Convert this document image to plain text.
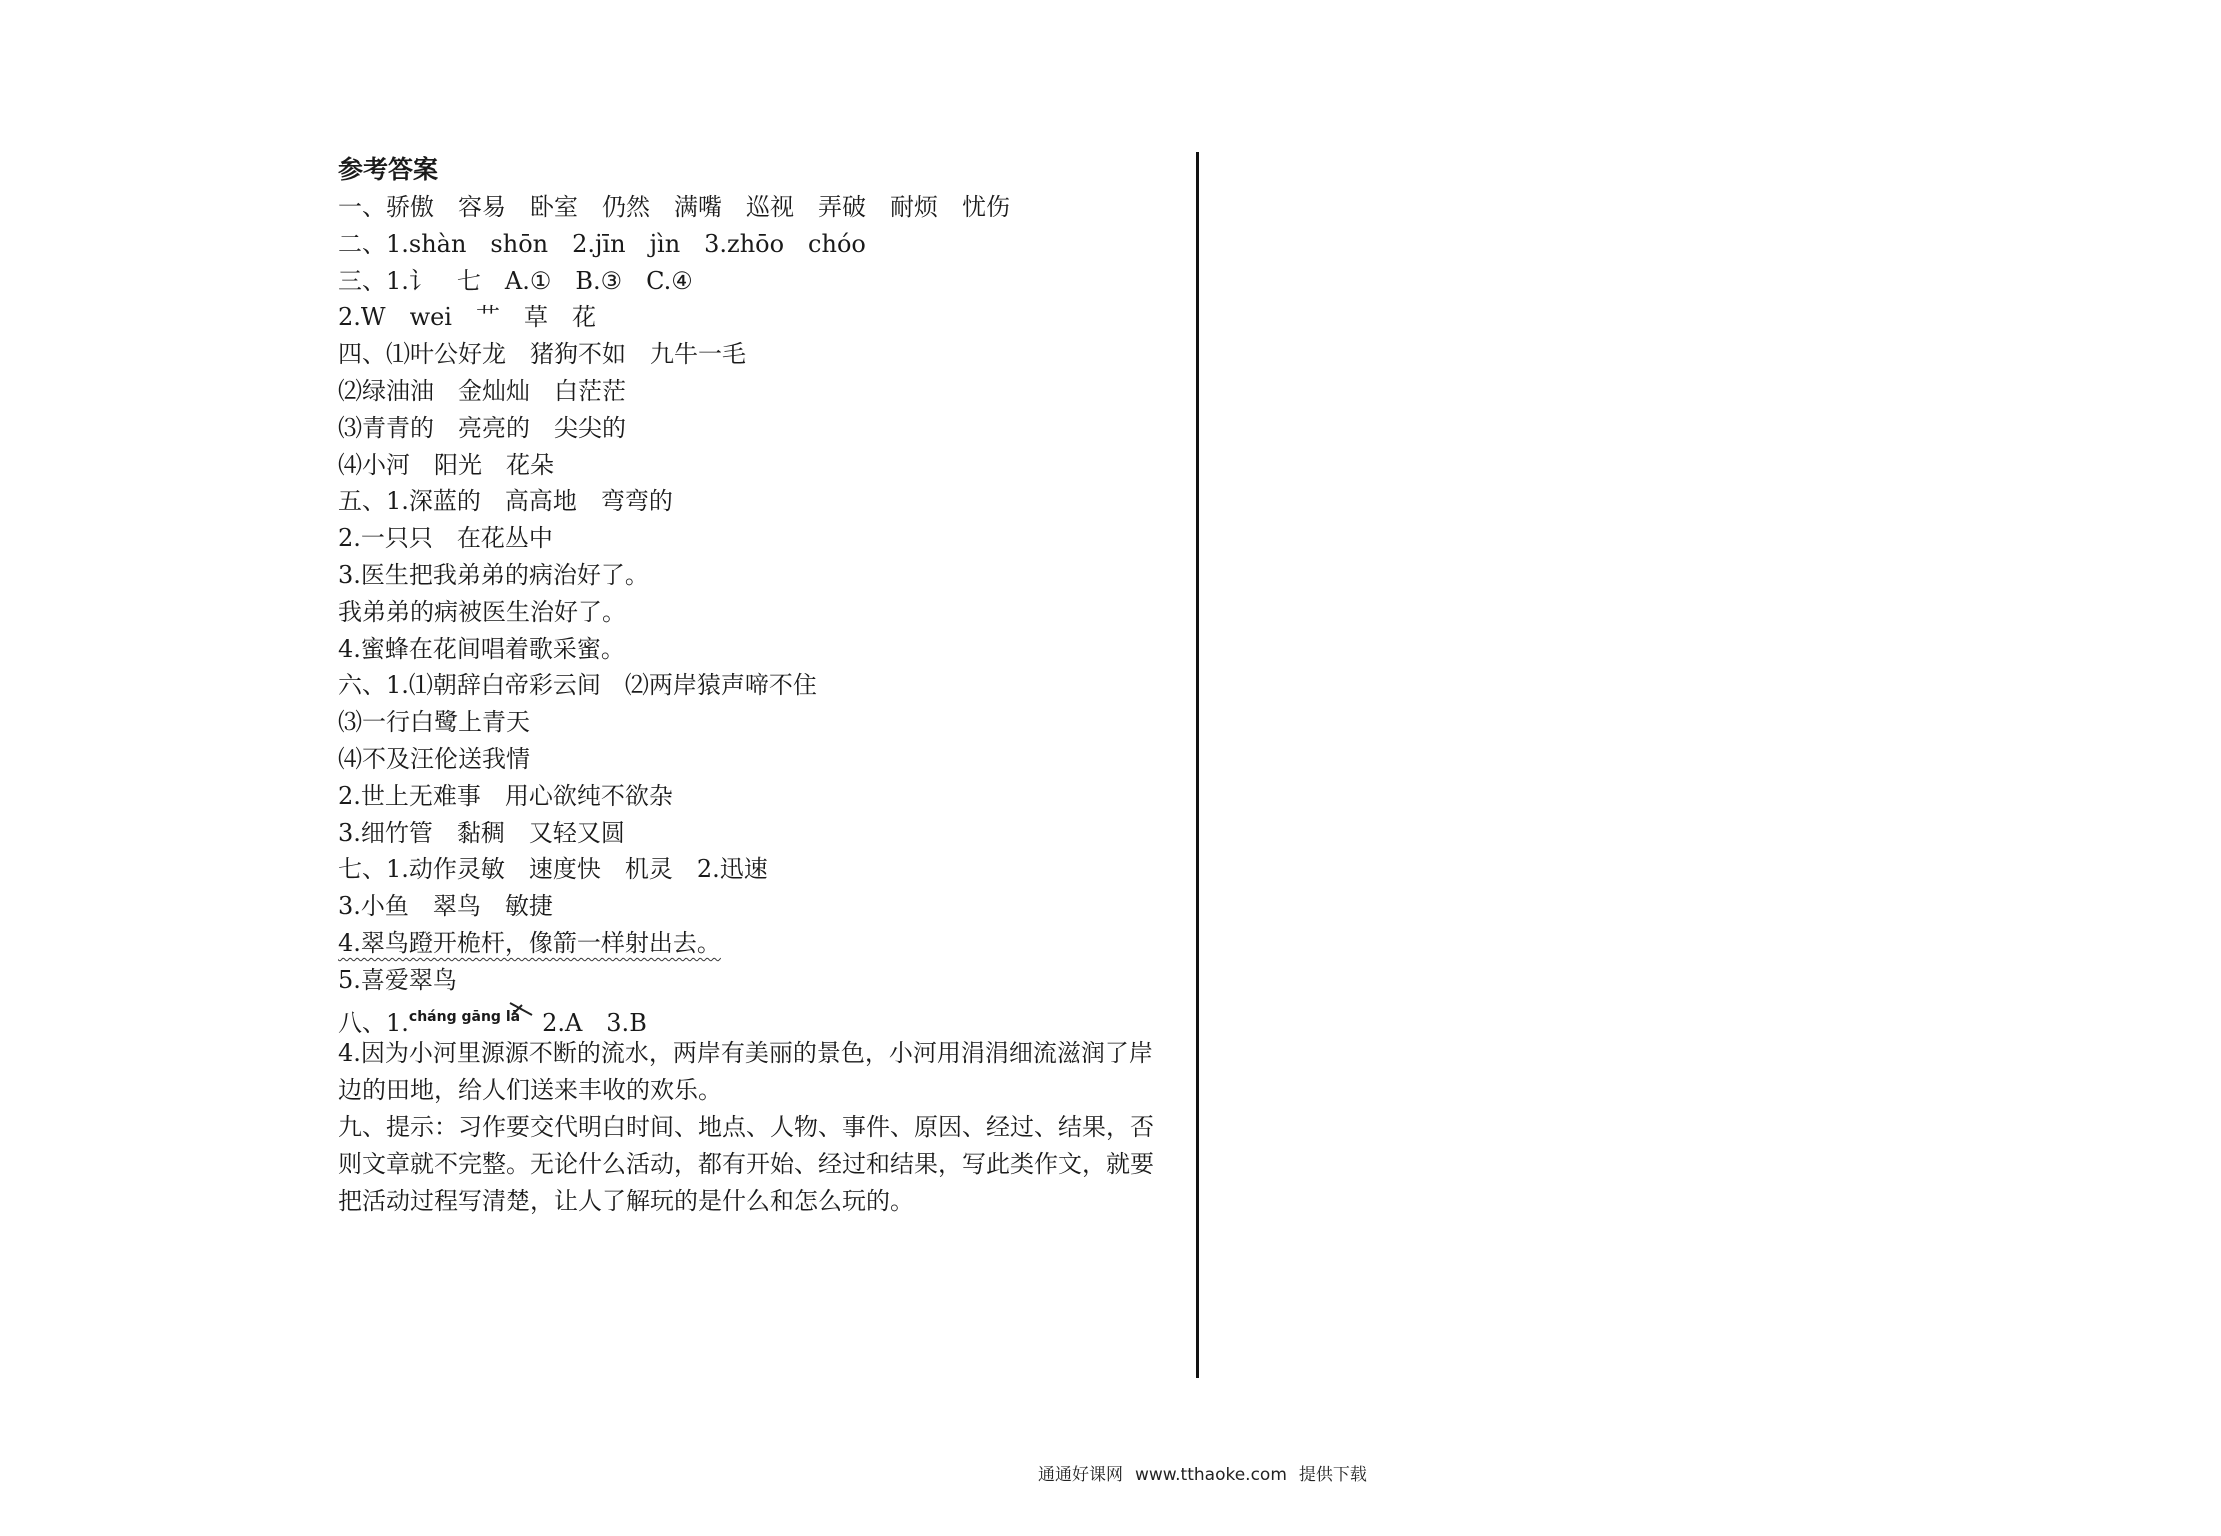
参考答案
一、骄傲　容易　卧室　仍然　满嘴　巡视　弄破　耐烦　忧伤
二、1.shàn　shōn　2.jīn　jìn　3.zhōo　chóo
三、1.讠　七　A.①　B.③　C.④
2.W　wei　艹　草　花
四、⑴叶公好龙　猪狗不如　九牛一毛
⑵绿油油　金灿灿　白茫茫
⑶青青的　亮亮的　尖尖的
⑷小河　阳光　花朵
五、1.深蓝的　高高地　弯弯的
2.一只只　在花丛中
3.医生把我弟弟的病治好了。
我弟弟的病被医生治好了。
4.蜜蜂在花间唱着歌采蜜。
六、1.⑴朝辞白帝彩云间　⑵两岸猿声啼不住
⑶一行白鹭上青天
⑷不及汪伦送我情
2.世上无难事　用心欲纯不欲杂
3.细竹管　黏稠　又轻又圆
七、1.动作灵敏　速度快　机灵　2.迅速
3.小鱼　翠鸟　敏捷
4.翠鸟蹬开桅杆，像箭一样射出去。
5.喜爱翠鸟
八、1.cháng gāng lā 2.A　3.B
4.因为小河里源源不断的流水，两岸有美丽的景色，小河用涓涓细流滋润了岸边的田地，给人们送来丰收的欢乐。
九、提示：习作要交代明白时间、地点、人物、事件、原因、经过、结果，否则文章就不完整。无论什么活动，都有开始、经过和结果，写此类作文，就要把活动过程写清楚，让人了解玩的是什么和怎么玩的。
通通好课网 www.tthaoke.com 提供下载
